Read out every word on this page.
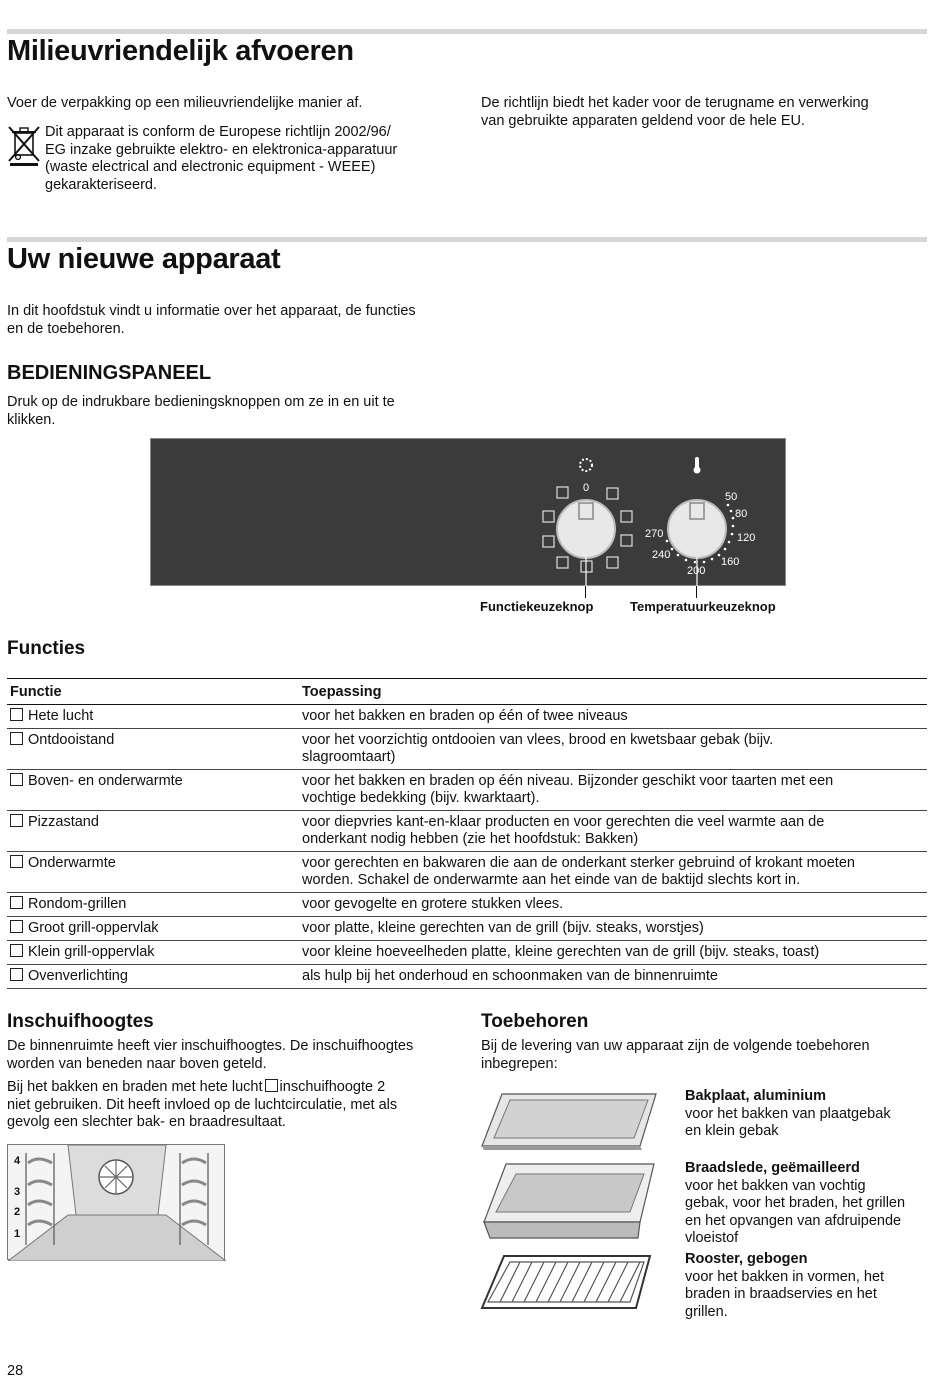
Milieuvriendelijk afvoeren
Voer de verpakking op een milieuvriendelijke manier af.
Dit apparaat is conform de Europese richtlijn 2002/96/
EG inzake gebruikte elektro- en elektronica-apparatuur
(waste electrical and electronic equipment - WEEE)
gekarakteriseerd.
De richtlijn biedt het kader voor de terugname en verwerking
van gebruikte apparaten geldend voor de hele EU.
Uw nieuwe apparaat
In dit hoofdstuk vindt u informatie over het apparaat, de functies
en de toebehoren.
BEDIENINGSPANEEL
Druk op de indrukbare bedieningsknoppen om ze in en uit te
klikken.
0
50
80
120
160
200
240
270
Functiekeuzeknop	Temperatuurkeuzeknop
Functies
Functie	Toepassing
Hete lucht	voor het bakken en braden op één of twee niveaus

Ontdooistand	voor het voorzichtig ontdooien van vlees, brood en kwetsbaar gebak (bijv.
slagroomtaart)

Boven- en onderwarmte	voor het bakken en braden op één niveau. Bijzonder geschikt voor taarten met een
vochtige bedekking (bijv. kwarktaart).

Pizzastand	voor diepvries kant-en-klaar producten en voor gerechten die veel warmte aan de
onderkant nodig hebben (zie het hoofdstuk: Bakken)

Onderwarmte	voor gerechten en bakwaren die aan de onderkant sterker gebruind of krokant moeten
worden. Schakel de onderwarmte aan het einde van de baktijd slechts kort in.

Rondom-grillen	voor gevogelte en grotere stukken vlees.

Groot grill-oppervlak	voor platte, kleine gerechten van de grill (bijv. steaks, worstjes)

Klein grill-oppervlak	voor kleine hoeveelheden platte, kleine gerechten van de grill (bijv. steaks, toast)

Ovenverlichting	als hulp bij het onderhoud en schoonmaken van de binnenruimte
Inschuifhoogtes
De binnenruimte heeft vier inschuifhoogtes. De inschuifhoogtes
worden van beneden naar boven geteld.
Bij het bakken en braden met hete lucht inschuifhoogte 2
niet gebruiken. Dit heeft invloed op de luchtcirculatie, met als
gevolg een slechter bak- en braadresultaat.
4
3
2
1
Toebehoren
Bij de levering van uw apparaat zijn de volgende toebehoren
inbegrepen:
Bakplaat, aluminium
voor het bakken van plaatgebak
en klein gebak
Braadslede, geëmailleerd
voor het bakken van vochtig
gebak, voor het braden, het grillen
en het opvangen van afdruipende
vloeistof
Rooster, gebogen
voor het bakken in vormen, het
braden in braadservies en het
grillen.
28
